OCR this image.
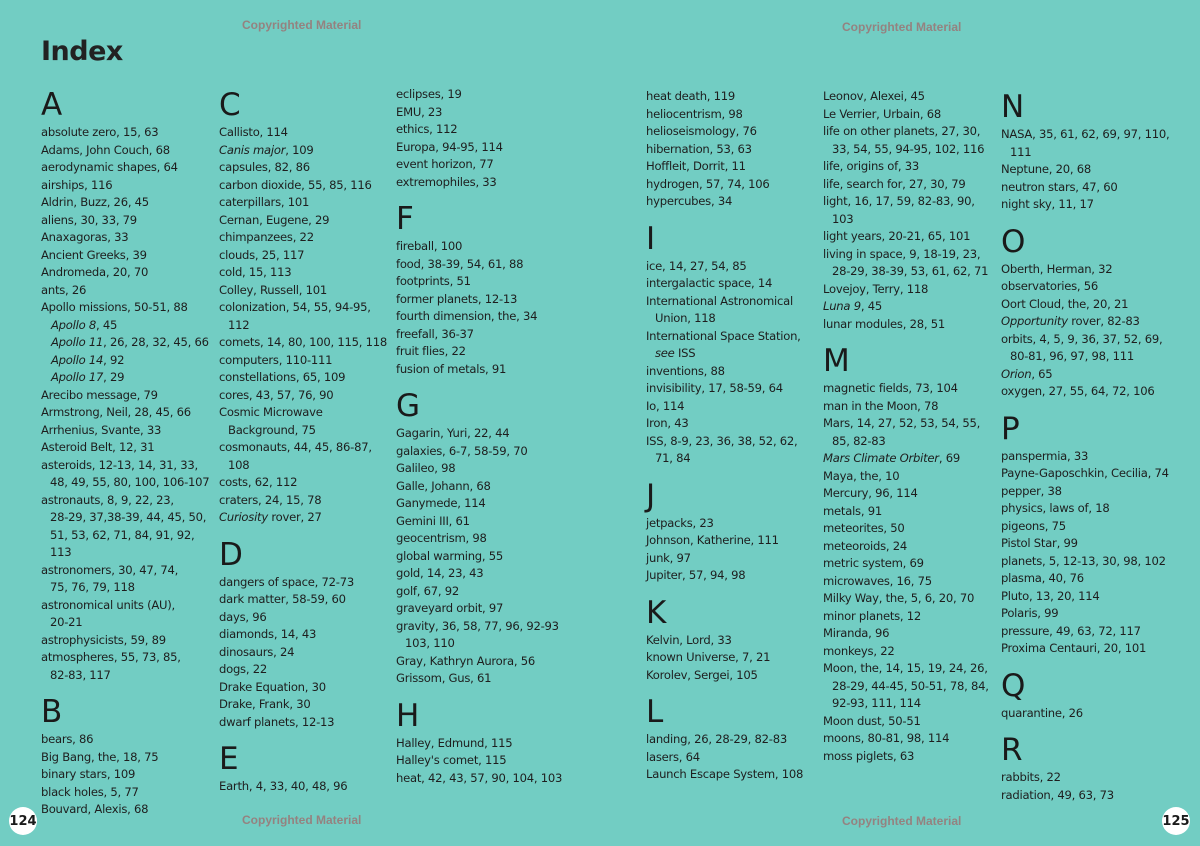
Copyrighted Material	Copyrighted Material
Copyrighted Material	Copyrighted Material
Index
A
absolute zero, 15, 63
Adams, John Couch, 68
aerodynamic shapes, 64
airships, 116
Aldrin, Buzz, 26, 45
aliens, 30, 33, 79
Anaxagoras, 33
Ancient Greeks, 39
Andromeda, 20, 70
ants, 26
Apollo missions, 50-51, 88
Apollo 8, 45
Apollo 11, 26, 28, 32, 45, 66
Apollo 14, 92
Apollo 17, 29
Arecibo message, 79
Armstrong, Neil, 28, 45, 66
Arrhenius, Svante, 33
Asteroid Belt, 12, 31
asteroids, 12-13, 14, 31, 33,
48, 49, 55, 80, 100, 106-107
astronauts, 8, 9, 22, 23,
28-29, 37,38-39, 44, 45, 50,
51, 53, 62, 71, 84, 91, 92, 113
astronomers, 30, 47, 74,
75, 76, 79, 118
astronomical units (AU),
20-21
astrophysicists, 59, 89
atmospheres, 55, 73, 85,
82-83, 117
B
bears, 86
Big Bang, the, 18, 75
binary stars, 109
black holes, 5, 77
Bouvard, Alexis, 68
C
Callisto, 114
Canis major, 109
capsules, 82, 86
carbon dioxide, 55, 85, 116
caterpillars, 101
Cernan, Eugene, 29
chimpanzees, 22
clouds, 25, 117
cold, 15, 113
Colley, Russell, 101
colonization, 54, 55, 94-95,
112
comets, 14, 80, 100, 115, 118
computers, 110-111
constellations, 65, 109
cores, 43, 57, 76, 90
Cosmic Microwave
Background, 75
cosmonauts, 44, 45, 86-87,
108
costs, 62, 112
craters, 24, 15, 78
Curiosity rover, 27
D
dangers of space, 72-73
dark matter, 58-59, 60
days, 96
diamonds, 14, 43
dinosaurs, 24
dogs, 22
Drake Equation, 30
Drake, Frank, 30
dwarf planets, 12-13
E
Earth, 4, 33, 40, 48, 96
eclipses, 19
EMU, 23
ethics, 112
Europa, 94-95, 114
event horizon, 77
extremophiles, 33
F
fireball, 100
food, 38-39, 54, 61, 88
footprints, 51
former planets, 12-13
fourth dimension, the, 34
freefall, 36-37
fruit flies, 22
fusion of metals, 91
G
Gagarin, Yuri, 22, 44
galaxies, 6-7, 58-59, 70
Galileo, 98
Galle, Johann, 68
Ganymede, 114
Gemini III, 61
geocentrism, 98
global warming, 55
gold, 14, 23, 43
golf, 67, 92
graveyard orbit, 97
gravity, 36, 58, 77, 96, 92-93
103, 110
Gray, Kathryn Aurora, 56
Grissom, Gus, 61
H
Halley, Edmund, 115
Halley's comet, 115
heat, 42, 43, 57, 90, 104, 103
heat death, 119
heliocentrism, 98
helioseismology, 76
hibernation, 53, 63
Hoffleit, Dorrit, 11
hydrogen, 57, 74, 106
hypercubes, 34
I
ice, 14, 27, 54, 85
intergalactic space, 14
International Astronomical
Union, 118
International Space Station,
see ISS
inventions, 88
invisibility, 17, 58-59, 64
Io, 114
Iron, 43
ISS, 8-9, 23, 36, 38, 52, 62,
71, 84
J
jetpacks, 23
Johnson, Katherine, 111
junk, 97
Jupiter, 57, 94, 98
K
Kelvin, Lord, 33
known Universe, 7, 21
Korolev, Sergei, 105
L
landing, 26, 28-29, 82-83
lasers, 64
Launch Escape System, 108
Leonov, Alexei, 45
Le Verrier, Urbain, 68
life on other planets, 27, 30,
33, 54, 55, 94-95, 102, 116
life, origins of, 33
life, search for, 27, 30, 79
light, 16, 17, 59, 82-83, 90,
103
light years, 20-21, 65, 101
living in space, 9, 18-19, 23,
28-29, 38-39, 53, 61, 62, 71
Lovejoy, Terry, 118
Luna 9, 45
lunar modules, 28, 51
M
magnetic fields, 73, 104
man in the Moon, 78
Mars, 14, 27, 52, 53, 54, 55,
85, 82-83
Mars Climate Orbiter, 69
Maya, the, 10
Mercury, 96, 114
metals, 91
meteorites, 50
meteoroids, 24
metric system, 69
microwaves, 16, 75
Milky Way, the, 5, 6, 20, 70
minor planets, 12
Miranda, 96
monkeys, 22
Moon, the, 14, 15, 19, 24, 26,
28-29, 44-45, 50-51, 78, 84,
92-93, 111, 114
Moon dust, 50-51
moons, 80-81, 98, 114
moss piglets, 63
N
NASA, 35, 61, 62, 69, 97, 110, 111
Neptune, 20, 68
neutron stars, 47, 60
night sky, 11, 17
O
Oberth, Herman, 32
observatories, 56
Oort Cloud, the, 20, 21
Opportunity rover, 82-83
orbits, 4, 5, 9, 36, 37, 52, 69,
80-81, 96, 97, 98, 111
Orion, 65
oxygen, 27, 55, 64, 72, 106
P
panspermia, 33
Payne-Gaposchkin, Cecilia, 74
pepper, 38
physics, laws of, 18
pigeons, 75
Pistol Star, 99
planets, 5, 12-13, 30, 98, 102
plasma, 40, 76
Pluto, 13, 20, 114
Polaris, 99
pressure, 49, 63, 72, 117
Proxima Centauri, 20, 101
Q
quarantine, 26
R
rabbits, 22
radiation, 49, 63, 73
124	125
